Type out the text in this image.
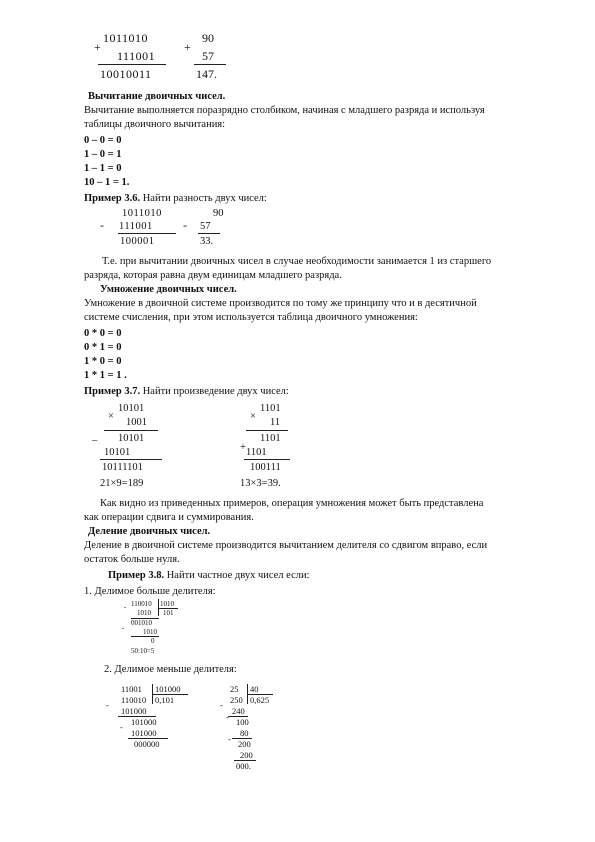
+
1011010
111001
10010011
+
90
57
147.
Вычитание двоичных чисел.
Вычитание выполняется поразрядно столбиком, начиная с младшего разряда и используя
таблицы двоичного вычитания:
0 – 0 = 0
1 – 0 = 1
1 – 1 = 0
10 – 1 = 1.
Пример 3.6. Найти разность двух чисел:
-
1011010
111001
100001
-
90
57
33.
Т.е. при вычитании двоичных чисел в случае необходимости занимается 1 из старшего
разряда, которая равна двум единицам младшего разряда.
Умножение двоичных чисел.
Умножение в двоичной системе производится по тому же принципу что и в десятичной
системе счисления, при этом используется таблица двоичного умножения:
0 * 0 = 0
0 * 1 = 0
1 * 0 = 0
1 * 1 = 1 .
Пример 3.7. Найти произведение двух чисел:
10101
×
1001
_ 10101
10101
10111101
21×9=189
1101
×
11
1101
+ 1101
100111
13×3=39.
Как видно из приведенных примеров, операция умножения может быть представлена
как операции сдвига и суммирования.
Деление двоичных чисел.
Деление в двоичной системе производится вычитанием делителя со сдвигом вправо, если
остаток больше нуля.
Пример 3.8. Найти частное двух чисел если:
1. Делимое больше делителя:
- 110010 1010
101
1010
001010
-	1010
0
50:10=5
2. Делимое меньше делителя:
11001 101000
110010 0,101
-
101000
101000
-
101000
000000
25 40
250 0,625
-
240
- 100
80
- 200
200
000.
